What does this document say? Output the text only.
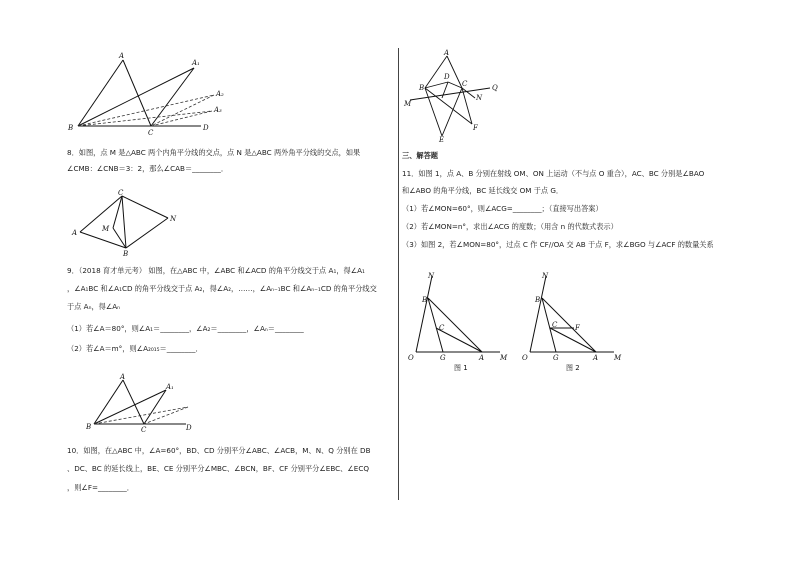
A
A₁
A₂
A₃
B
C
D
8．如图，点 M 是△ABC 两个内角平分线的交点，点 N 是△ABC 两外角平分线的交点，如果
∠CMB：∠CNB＝3：2，那么∠CAB＝________．
C
A	M
N
B
9．（2018 育才单元考） 如图，在△ABC 中，∠ABC 和∠ACD 的角平分线交于点 A₁，得∠A₁
，∠A₁BC 和∠A₁CD 的角平分线交于点 A₂，得∠A₂，……，∠Aₙ₋₁BC 和∠Aₙ₋₁CD 的角平分线交
于点 Aₙ，得∠Aₙ
（1）若∠A＝80°，则∠A₁＝________，∠A₂＝________，∠Aₙ＝________
（2）若∠A＝m°，则∠A₂₀₁₅＝________．
A
A₁
B	C	D
10．如图，在△ABC 中，∠A=60°，BD、CD 分别平分∠ABC、∠ACB，M、N、Q 分别在 DB
、DC、BC 的延长线上，BE、CE 分别平分∠MBC、∠BCN，BF、CF 分别平分∠EBC、∠ECQ
，则∠F=________．
A
D
B	C	Q
M
N
E
F
三、解答题
11．如图 1，点 A、B 分别在射线 OM、ON 上运动（不与点 O 重合），AC、BC 分别是∠BAO
和∠ABO 的角平分线，BC 延长线交 OM 于点 G．
（1）若∠MON=60°，则∠ACG=________；（直接写出答案）
（2）若∠MON=n°，求出∠ACG 的度数；（用含 n 的代数式表示）
（3）如图 2，若∠MON=80°，过点 C 作 CF//OA 交 AB 于点 F，求∠BGO 与∠ACF 的数量关系
N
B
C
O	G	A M
图 1
N
B
C	F
O	G	A M
图 2
